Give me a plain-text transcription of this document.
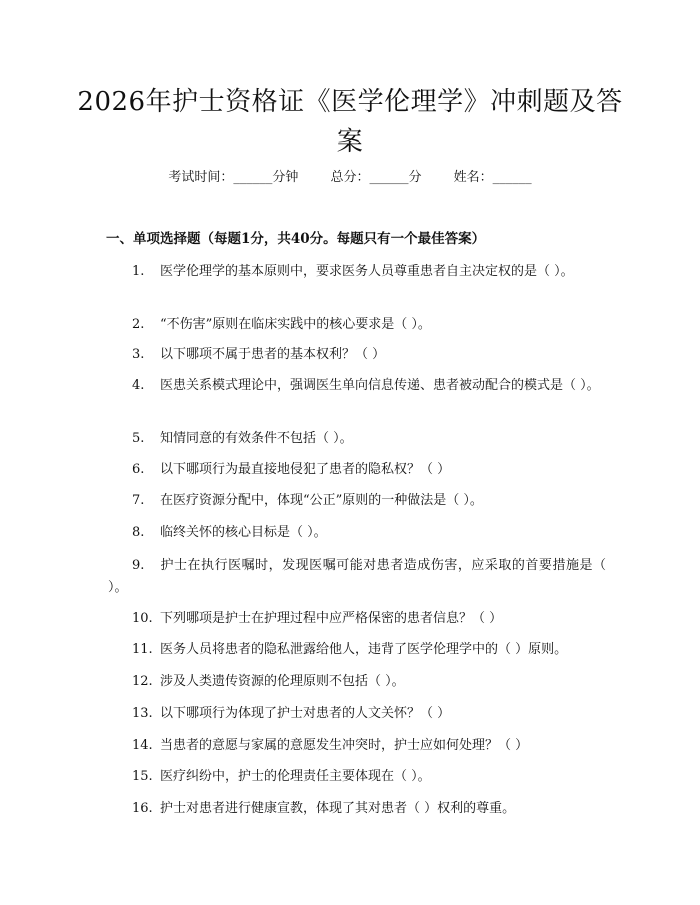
2026年护士资格证《医学伦理学》冲刺题及答案
考试时间：______分钟 总分：______分 姓名：______
一、单项选择题（每题1分，共40分。每题只有一个最佳答案）
1. 医学伦理学的基本原则中，要求医务人员尊重患者自主决定权的是（ ）。
2. “不伤害”原则在临床实践中的核心要求是（ ）。
3. 以下哪项不属于患者的基本权利？（ ）
4. 医患关系模式理论中，强调医生单向信息传递、患者被动配合的模式是（ ）。
5. 知情同意的有效条件不包括（ ）。
6. 以下哪项行为最直接地侵犯了患者的隐私权？（ ）
7. 在医疗资源分配中，体现“公正”原则的一种做法是（ ）。
8. 临终关怀的核心目标是（ ）。
9. 护士在执行医嘱时，发现医嘱可能对患者造成伤害，应采取的首要措施是（ ）。
10. 下列哪项是护士在护理过程中应严格保密的患者信息？（ ）
11. 医务人员将患者的隐私泄露给他人，违背了医学伦理学中的（ ）原则。
12. 涉及人类遗传资源的伦理原则不包括（ ）。
13. 以下哪项行为体现了护士对患者的人文关怀？（ ）
14. 当患者的意愿与家属的意愿发生冲突时，护士应如何处理？（ ）
15. 医疗纠纷中，护士的伦理责任主要体现在（ ）。
16. 护士对患者进行健康宣教，体现了其对患者（ ）权利的尊重。
